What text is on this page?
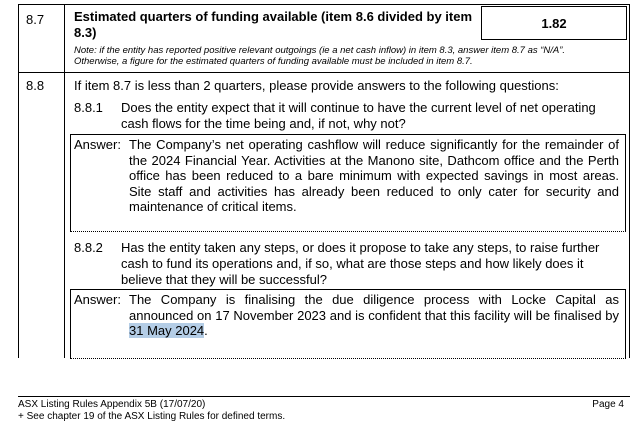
8.7 Estimated quarters of funding available (item 8.6 divided by item 8.3)
1.82
Note: if the entity has reported positive relevant outgoings (ie a net cash inflow) in item 8.3, answer item 8.7 as “N/A”.
Otherwise, a figure for the estimated quarters of funding available must be included in item 8.7.
8.8 If item 8.7 is less than 2 quarters, please provide answers to the following questions:
8.8.1 Does the entity expect that it will continue to have the current level of net operating cash flows for the time being and, if not, why not?
Answer: The Company’s net operating cashflow will reduce significantly for the remainder of the 2024 Financial Year. Activities at the Manono site, Dathcom office and the Perth office has been reduced to a bare minimum with expected savings in most areas. Site staff and activities has already been reduced to only cater for security and maintenance of critical items.
8.8.2 Has the entity taken any steps, or does it propose to take any steps, to raise further cash to fund its operations and, if so, what are those steps and how likely does it believe that they will be successful?
Answer: The Company is finalising the due diligence process with Locke Capital as announced on 17 November 2023 and is confident that this facility will be finalised by 31 May 2024.
ASX Listing Rules Appendix 5B (17/07/20)
+ See chapter 19 of the ASX Listing Rules for defined terms.
Page 4
